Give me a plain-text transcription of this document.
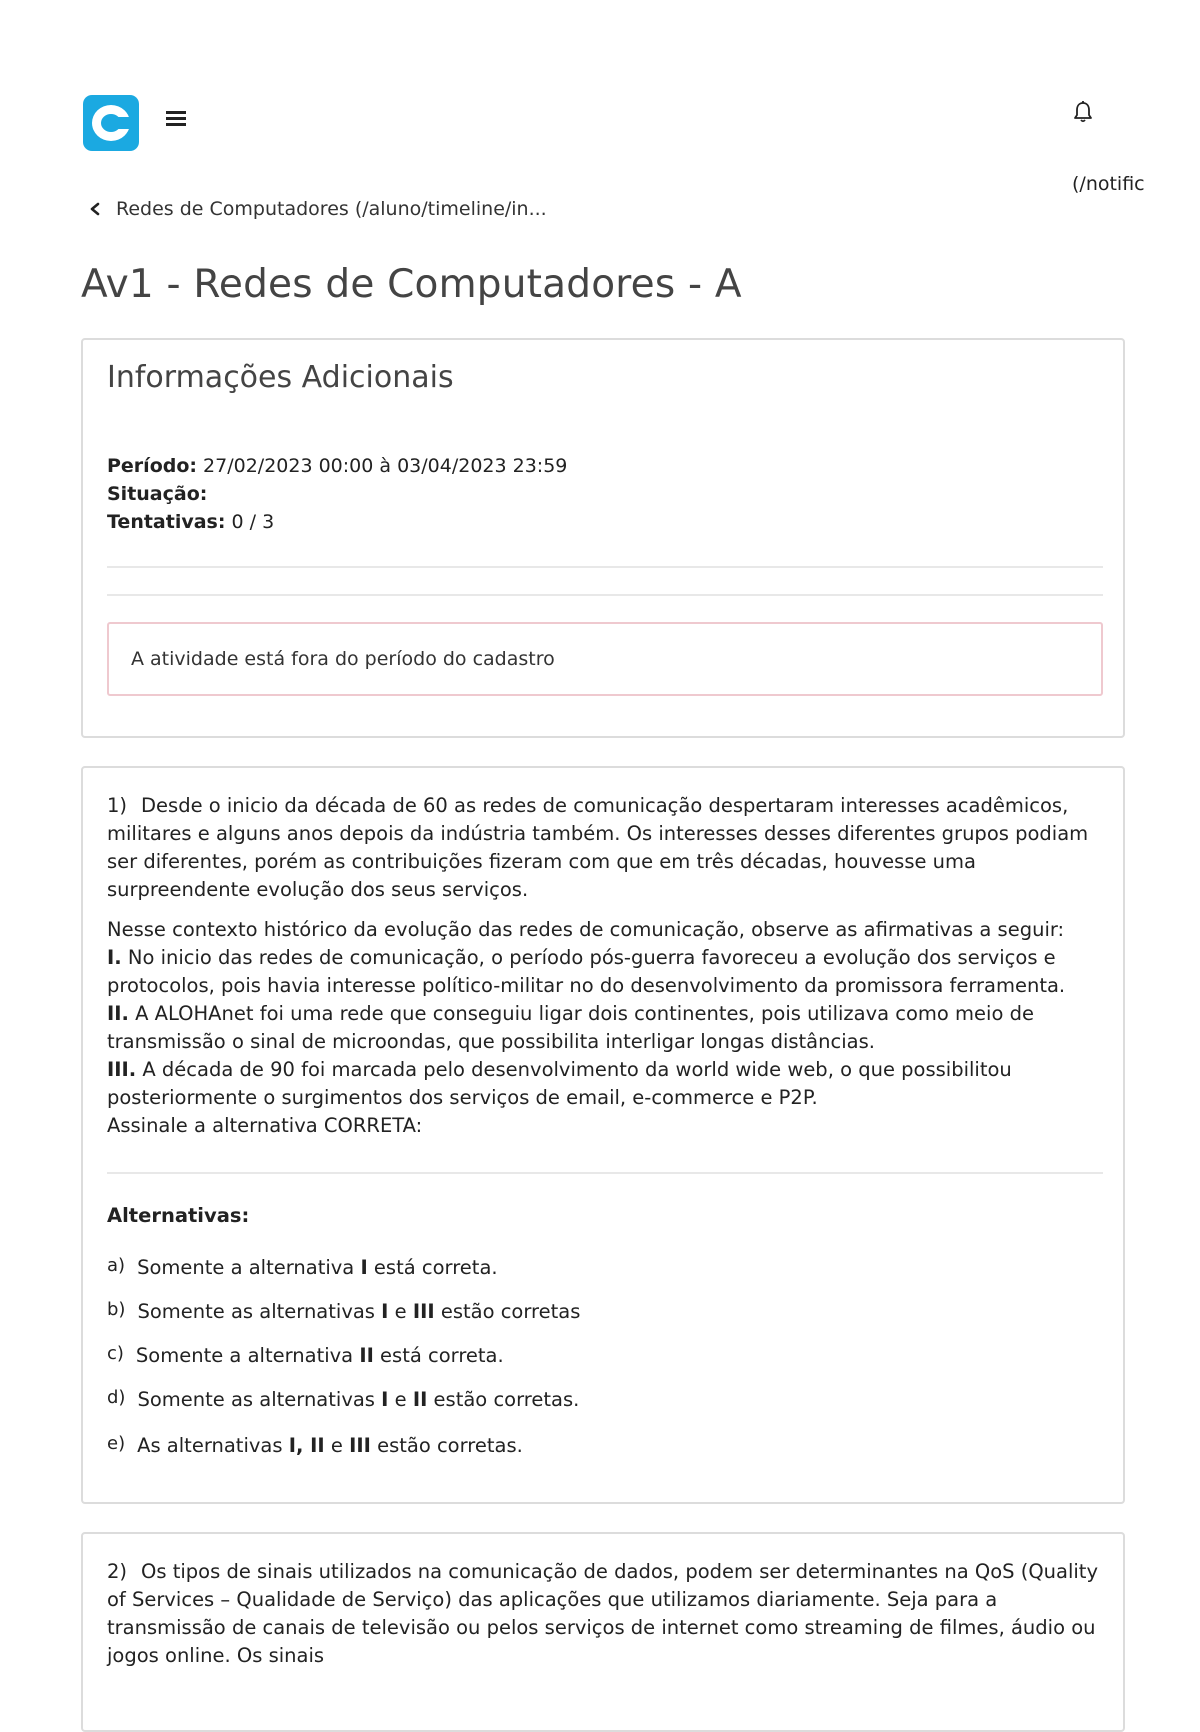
(/notific
Redes de Computadores (/aluno/timeline/in...
Av1 - Redes de Computadores - A
Informações Adicionais
Período: 27/02/2023 00:00 à 03/04/2023 23:59
Situação:
Tentativas: 0 / 3
A atividade está fora do período do cadastro

1) Desde o inicio da década de 60 as redes de comunicação despertaram interesses acadêmicos, militares e alguns anos depois da indústria também. Os interesses desses diferentes grupos podiam ser diferentes, porém as contribuições fizeram com que em três décadas, houvesse uma surpreendente evolução dos seus serviços.

Nesse contexto histórico da evolução das redes de comunicação, observe as afirmativas a seguir:

I. No inicio das redes de comunicação, o período pós-guerra favoreceu a evolução dos serviços e protocolos, pois havia interesse político-militar no do desenvolvimento da promissora ferramenta.

II. A ALOHAnet foi uma rede que conseguiu ligar dois continentes, pois utilizava como meio de transmissão o sinal de microondas, que possibilita interligar longas distâncias.

III. A década de 90 foi marcada pelo desenvolvimento da world wide web, o que possibilitou posteriormente o surgimentos dos serviços de email, e-commerce e P2P.

Assinale a alternativa CORRETA:

Alternativas:
a) Somente a alternativa I está correta.
b) Somente as alternativas I e III estão corretas
c) Somente a alternativa II está correta.
d) Somente as alternativas I e II estão corretas.
e) As alternativas I, II e III estão corretas.

2) Os tipos de sinais utilizados na comunicação de dados, podem ser determinantes na QoS (Quality of Services – Qualidade de Serviço) das aplicações que utilizamos diariamente. Seja para a transmissão de canais de televisão ou pelos serviços de internet como streaming de filmes, áudio ou jogos online. Os sinais
